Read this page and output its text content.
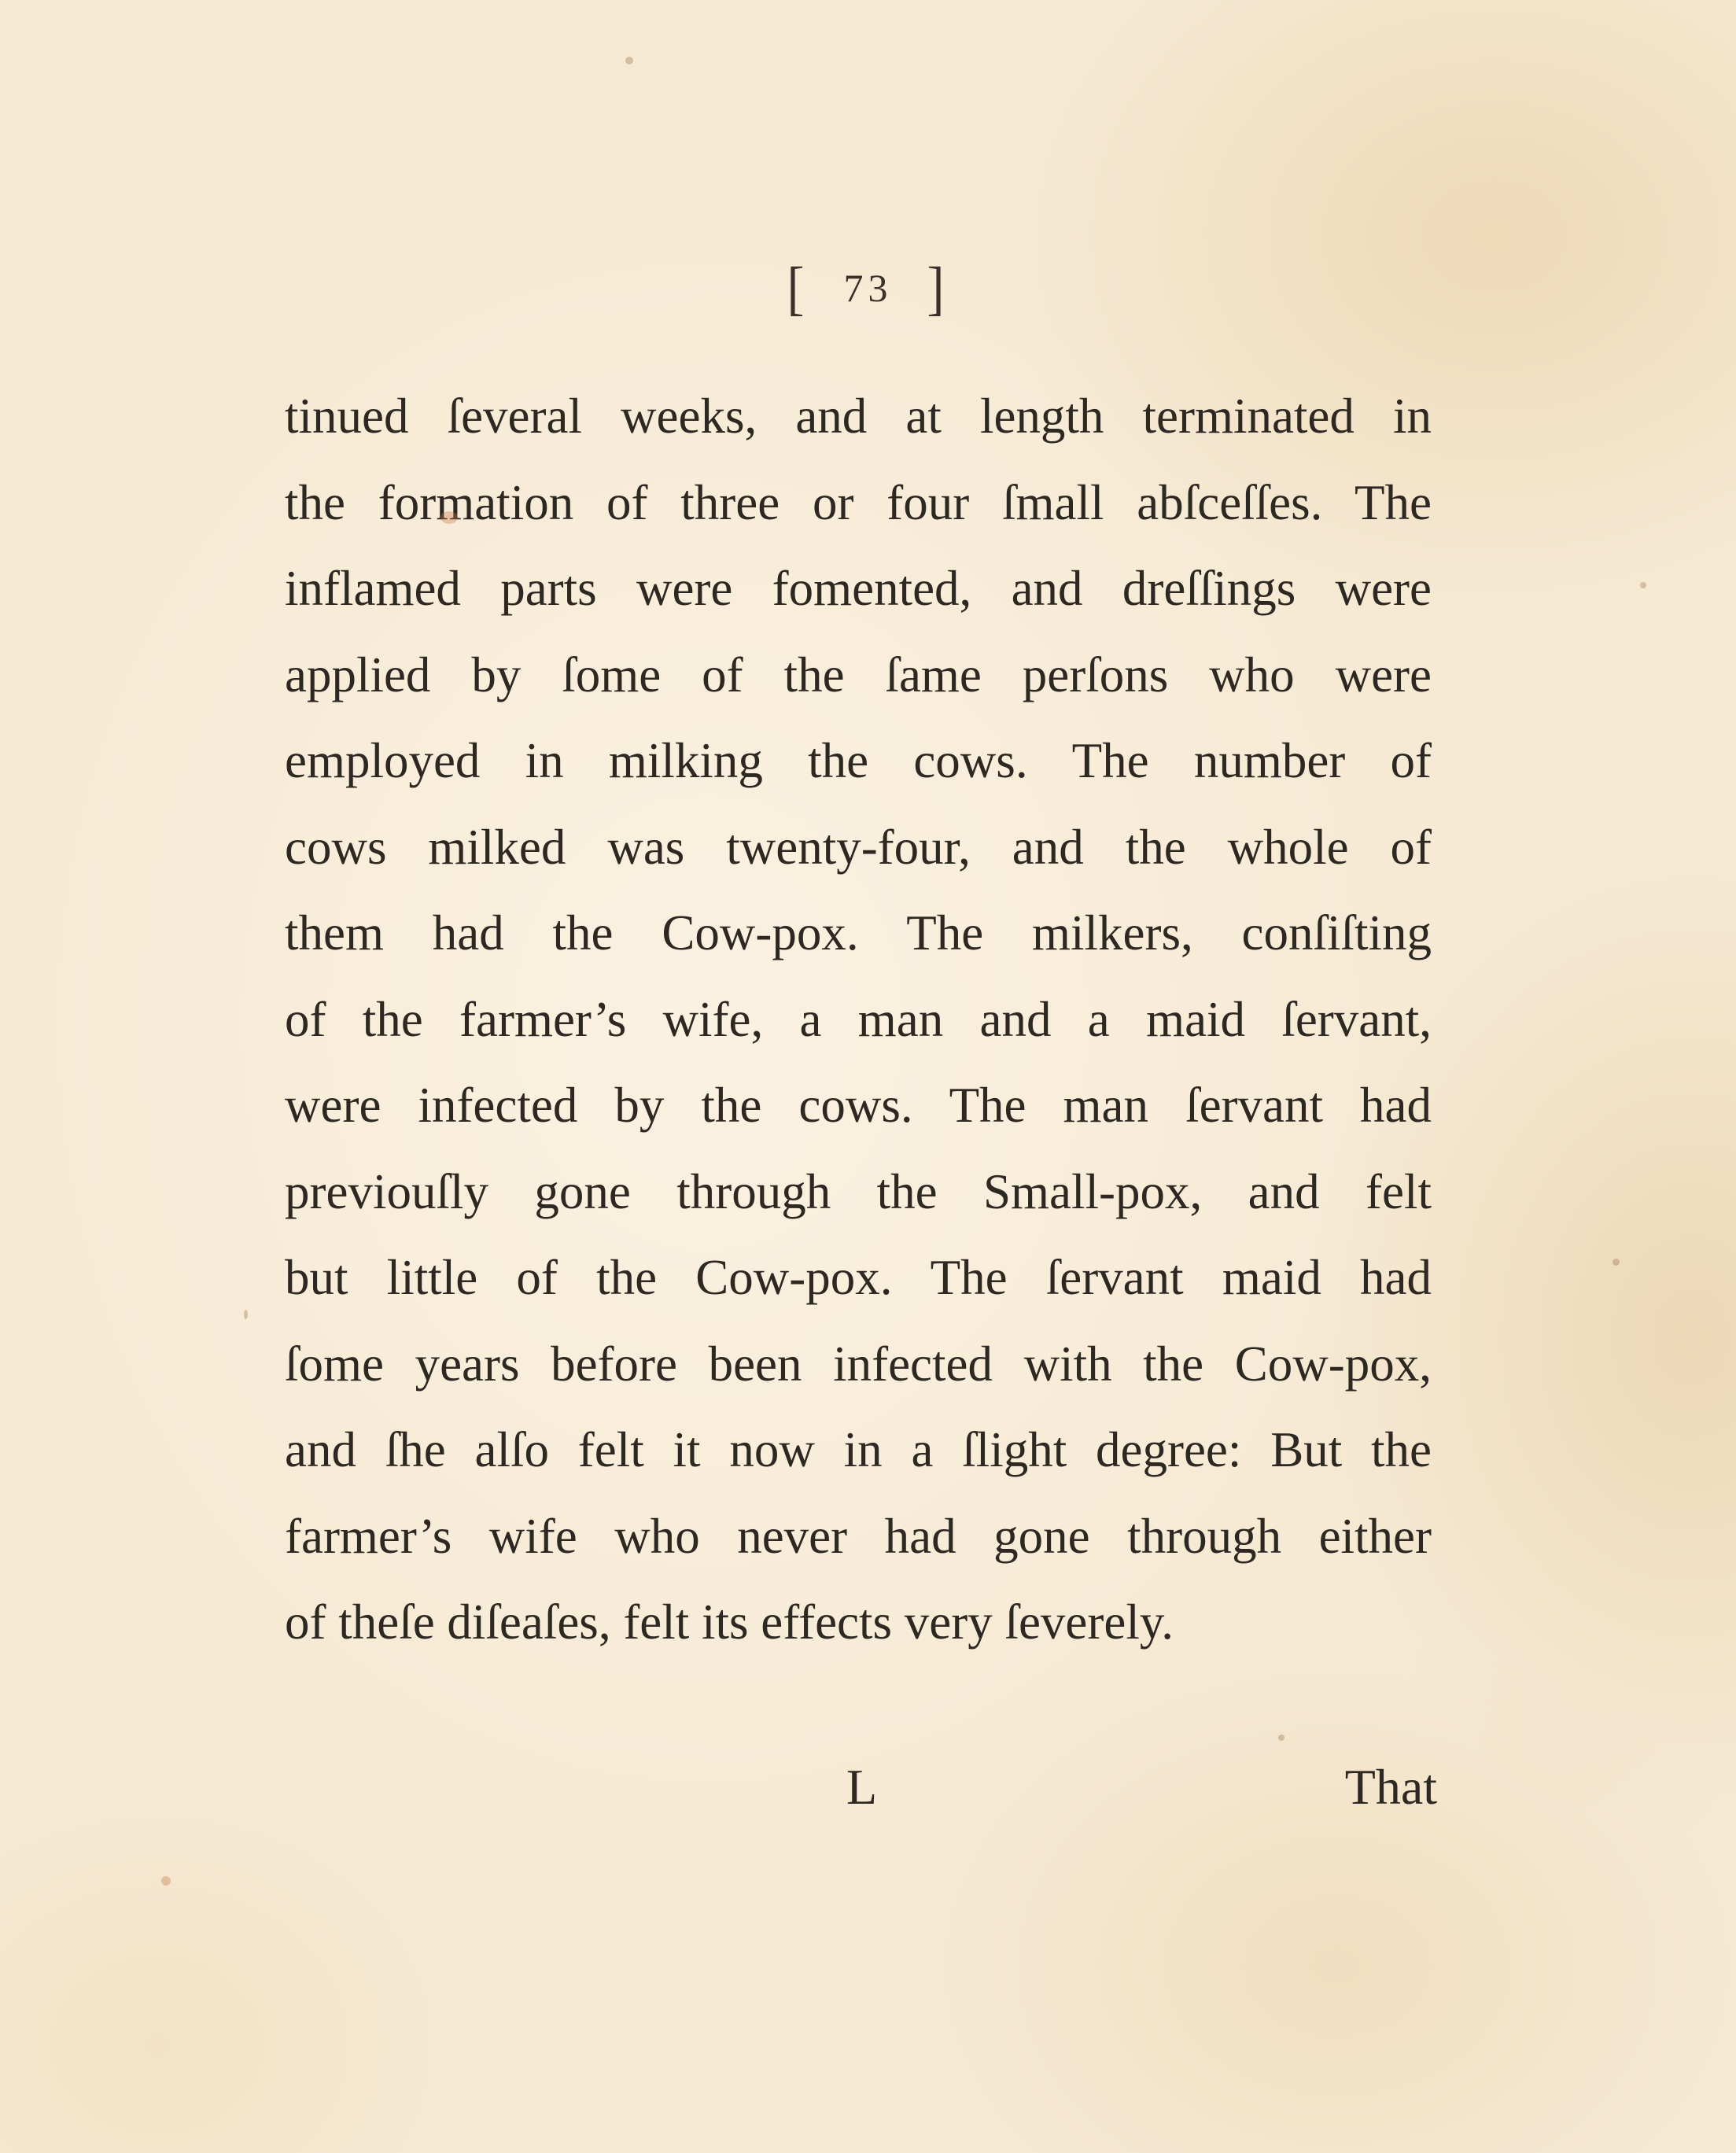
[ 73 ]
tinued ſeveral weeks, and at length terminated in
the formation of three or four ſmall abſceſſes. The
inflamed parts were fomented, and dreſſings were
applied by ſome of the ſame perſons who were
employed in milking the cows. The number of
cows milked was twenty-four, and the whole of
them had the Cow-pox. The milkers, conſiſting
of the farmer’s wife, a man and a maid ſervant,
were infected by the cows. The man ſervant had
previouſly gone through the Small-pox, and felt
but little of the Cow-pox. The ſervant maid had
ſome years before been infected with the Cow-pox,
and ſhe alſo felt it now in a ſlight degree: But the
farmer’s wife who never had gone through either
of theſe diſeaſes, felt its effects very ſeverely.
L	That
